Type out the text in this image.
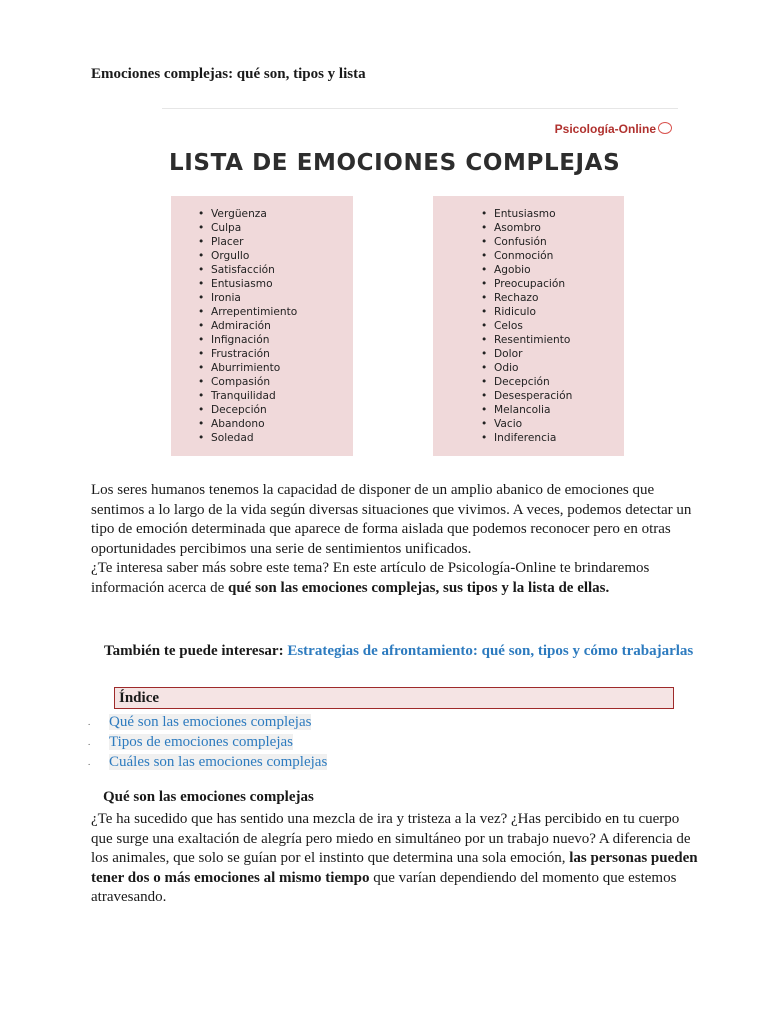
Emociones complejas: qué son, tipos y lista
Psicología-Online
LISTA DE EMOCIONES COMPLEJAS
• Vergüenza
• Culpa
• Placer
• Orgullo
• Satisfacción
• Entusiasmo
• Ironia
• Arrepentimiento
• Admiración
• Infignación
• Frustración
• Aburrimiento
• Compasión
• Tranquilidad
• Decepción
• Abandono
• Soledad
• Entusiasmo
• Asombro
• Confusión
• Conmoción
• Agobio
• Preocupación
• Rechazo
• Ridiculo
• Celos
• Resentimiento
• Dolor
• Odio
• Decepción
• Desesperación
• Melancolia
• Vacio
• Indiferencia
Los seres humanos tenemos la capacidad de disponer de un amplio abanico de emociones que sentimos a lo largo de la vida según diversas situaciones que vivimos. A veces, podemos detectar un tipo de emoción determinada que aparece de forma aislada que podemos reconocer pero en otras oportunidades percibimos una serie de sentimientos unificados.
¿Te interesa saber más sobre este tema? En este artículo de Psicología-Online te brindaremos información acerca de qué son las emociones complejas, sus tipos y la lista de ellas.
También te puede interesar: Estrategias de afrontamiento: qué son, tipos y cómo trabajarlas
Índice
. Qué son las emociones complejas
. Tipos de emociones complejas
. Cuáles son las emociones complejas
Qué son las emociones complejas
¿Te ha sucedido que has sentido una mezcla de ira y tristeza a la vez? ¿Has percibido en tu cuerpo que surge una exaltación de alegría pero miedo en simultáneo por un trabajo nuevo? A diferencia de los animales, que solo se guían por el instinto que determina una sola emoción, las personas pueden tener dos o más emociones al mismo tiempo que varían dependiendo del momento que estemos atravesando.
